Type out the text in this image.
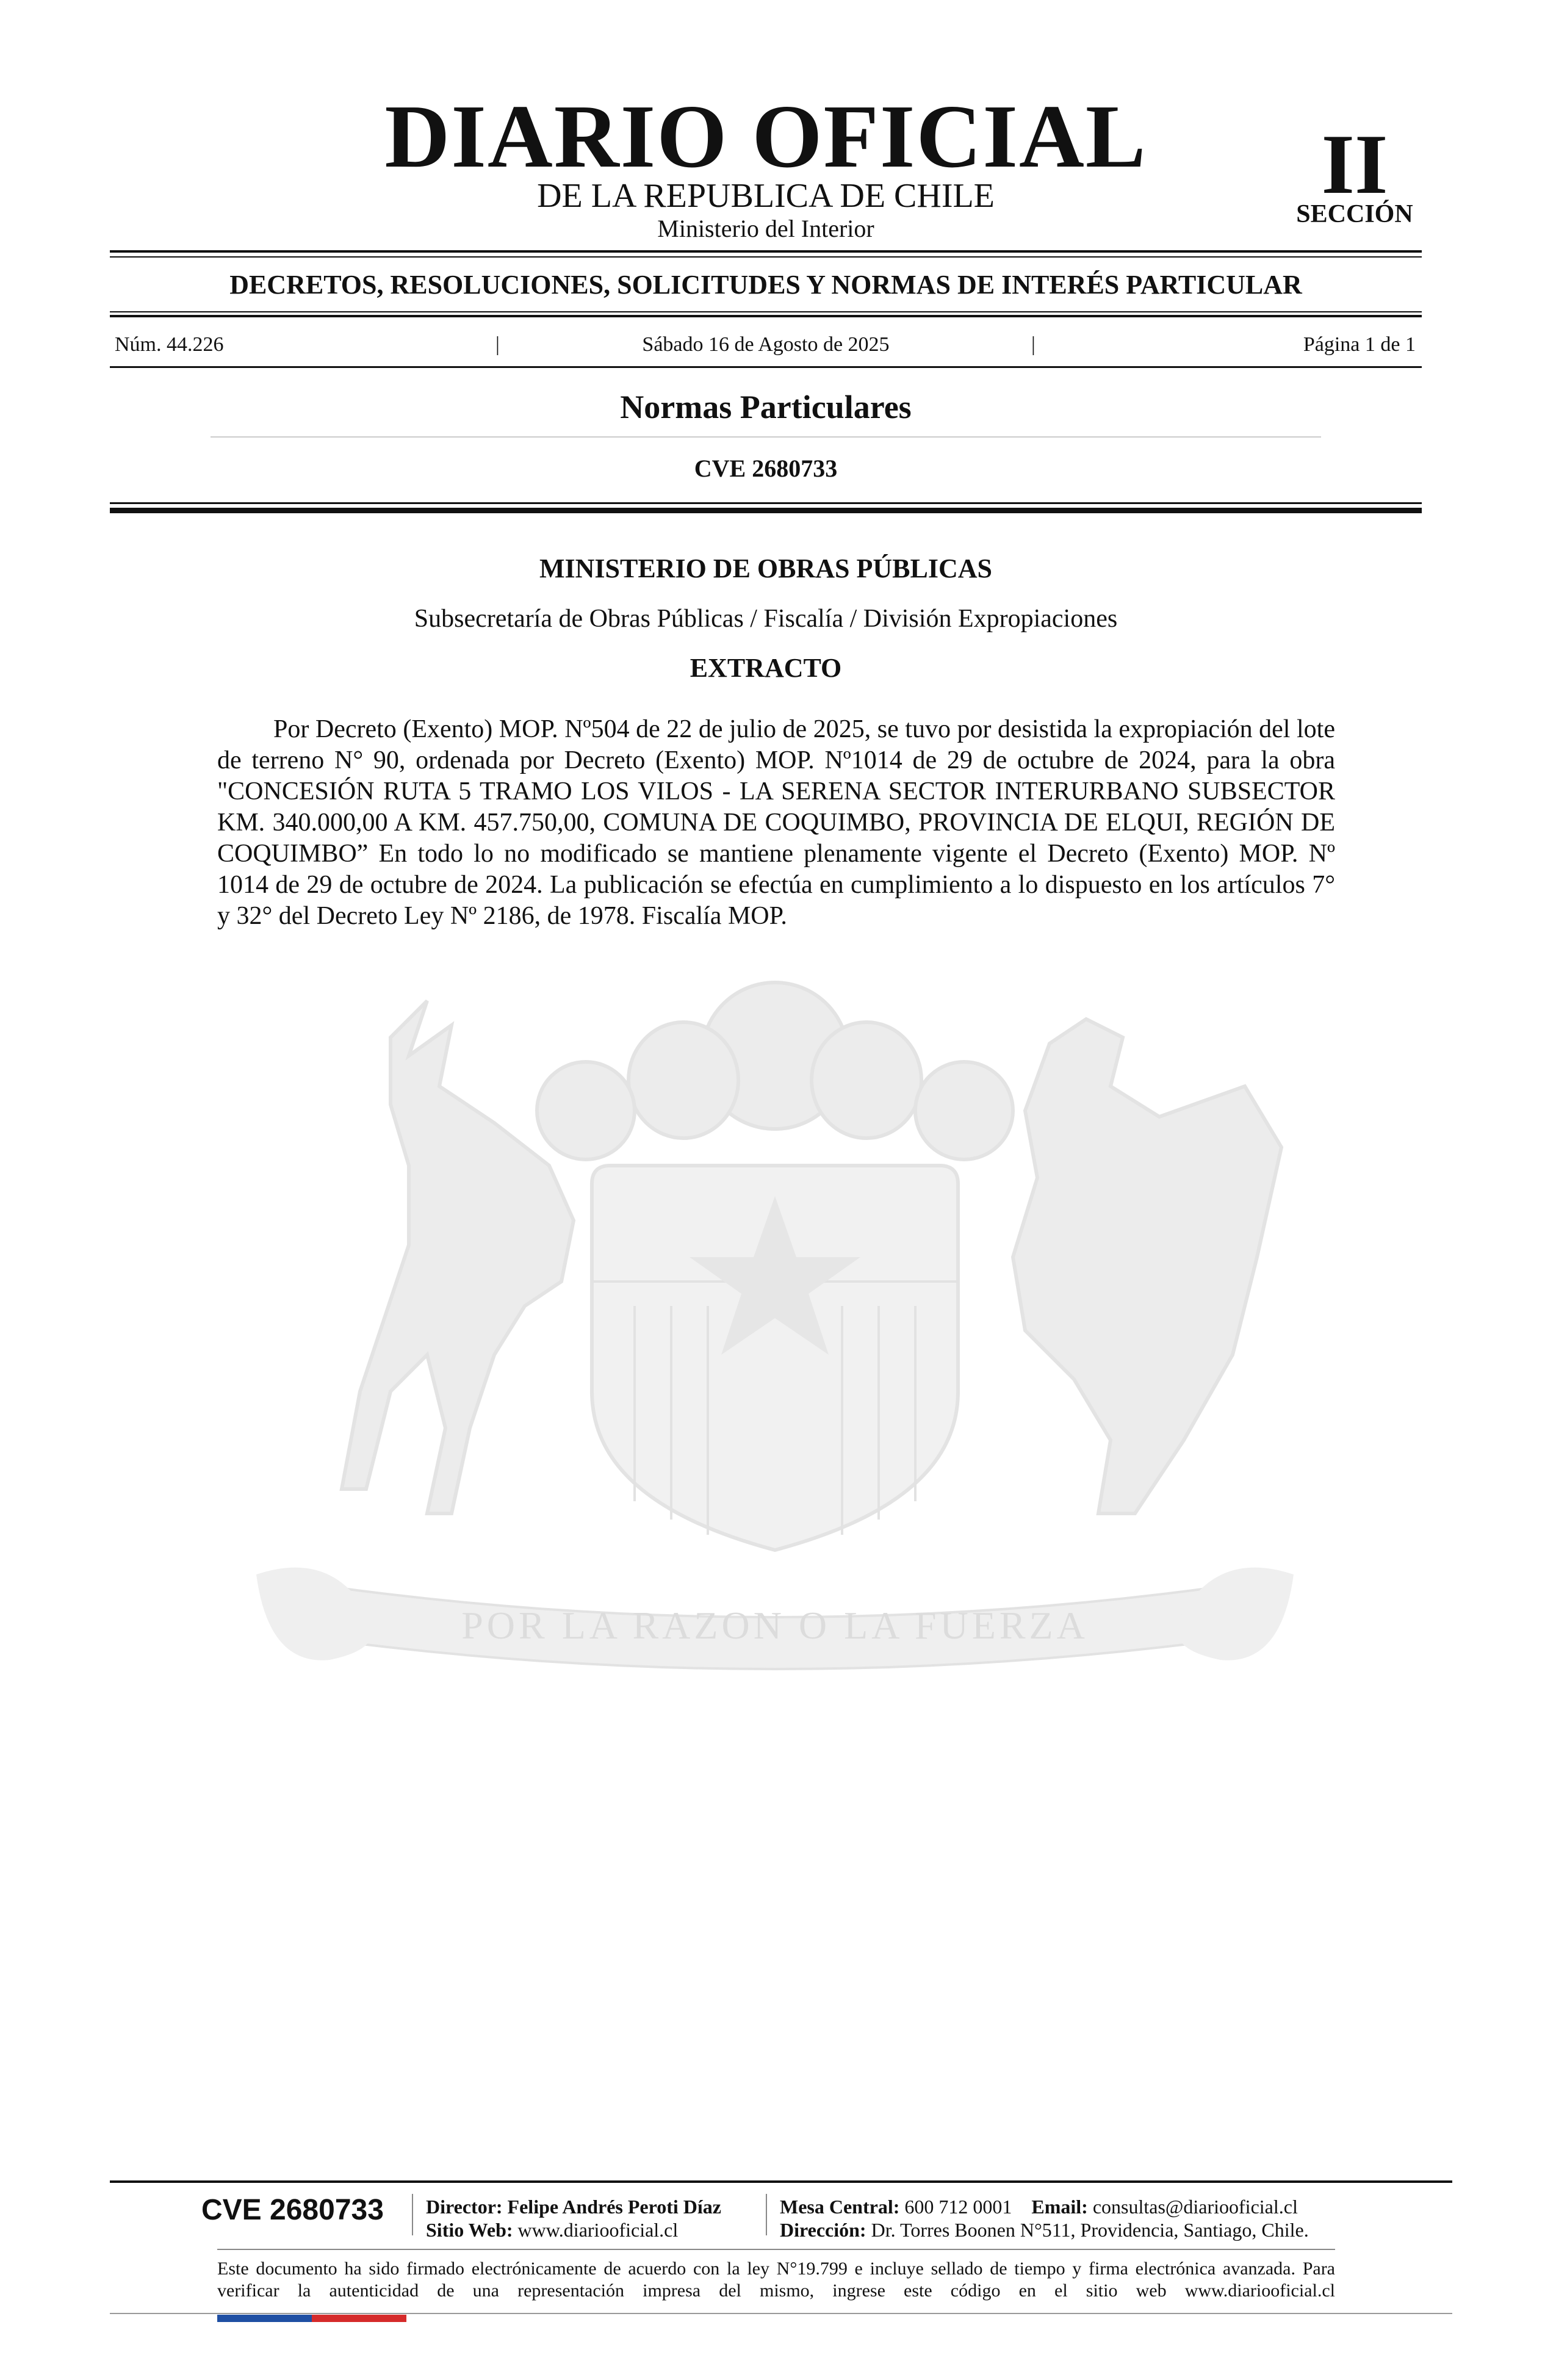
DIARIO OFICIAL
DE LA REPUBLICA DE CHILE
Ministerio del Interior
II
SECCIÓN
DECRETOS, RESOLUCIONES, SOLICITUDES Y NORMAS DE INTERÉS PARTICULAR
Núm. 44.226	|	Sábado 16 de Agosto de 2025	|	Página 1 de 1
Normas Particulares
CVE 2680733
POR LA RAZON O LA FUERZA
MINISTERIO DE OBRAS PÚBLICAS
Subsecretaría de Obras Públicas / Fiscalía / División Expropiaciones
EXTRACTO

Por Decreto (Exento) MOP. Nº504 de 22 de julio de 2025, se tuvo por desistida la expropiación del lote de terreno N° 90, ordenada por Decreto (Exento) MOP. Nº1014 de 29 de octubre de 2024, para la obra "CONCESIÓN RUTA 5 TRAMO LOS VILOS - LA SERENA SECTOR INTERURBANO SUBSECTOR KM. 340.000,00 A KM. 457.750,00, COMUNA DE COQUIMBO, PROVINCIA DE ELQUI, REGIÓN DE COQUIMBO” En todo lo no modificado se mantiene plenamente vigente el Decreto (Exento) MOP. Nº 1014 de 29 de octubre de 2024. La publicación se efectúa en cumplimiento a lo dispuesto en los artículos 7° y 32° del Decreto Ley Nº 2186, de 1978. Fiscalía MOP.

CVE 2680733	Director: Felipe Andrés Peroti Díaz
Sitio Web: www.diariooficial.cl
Mesa Central: 600 712 0001 Email: consultas@diariooficial.cl
Dirección: Dr. Torres Boonen N°511, Providencia, Santiago, Chile.

Este documento ha sido firmado electrónicamente de acuerdo con la ley N°19.799 e incluye sellado de tiempo y firma electrónica avanzada. Para verificar la autenticidad de una representación impresa del mismo, ingrese este código en el sitio web www.diariooficial.cl
